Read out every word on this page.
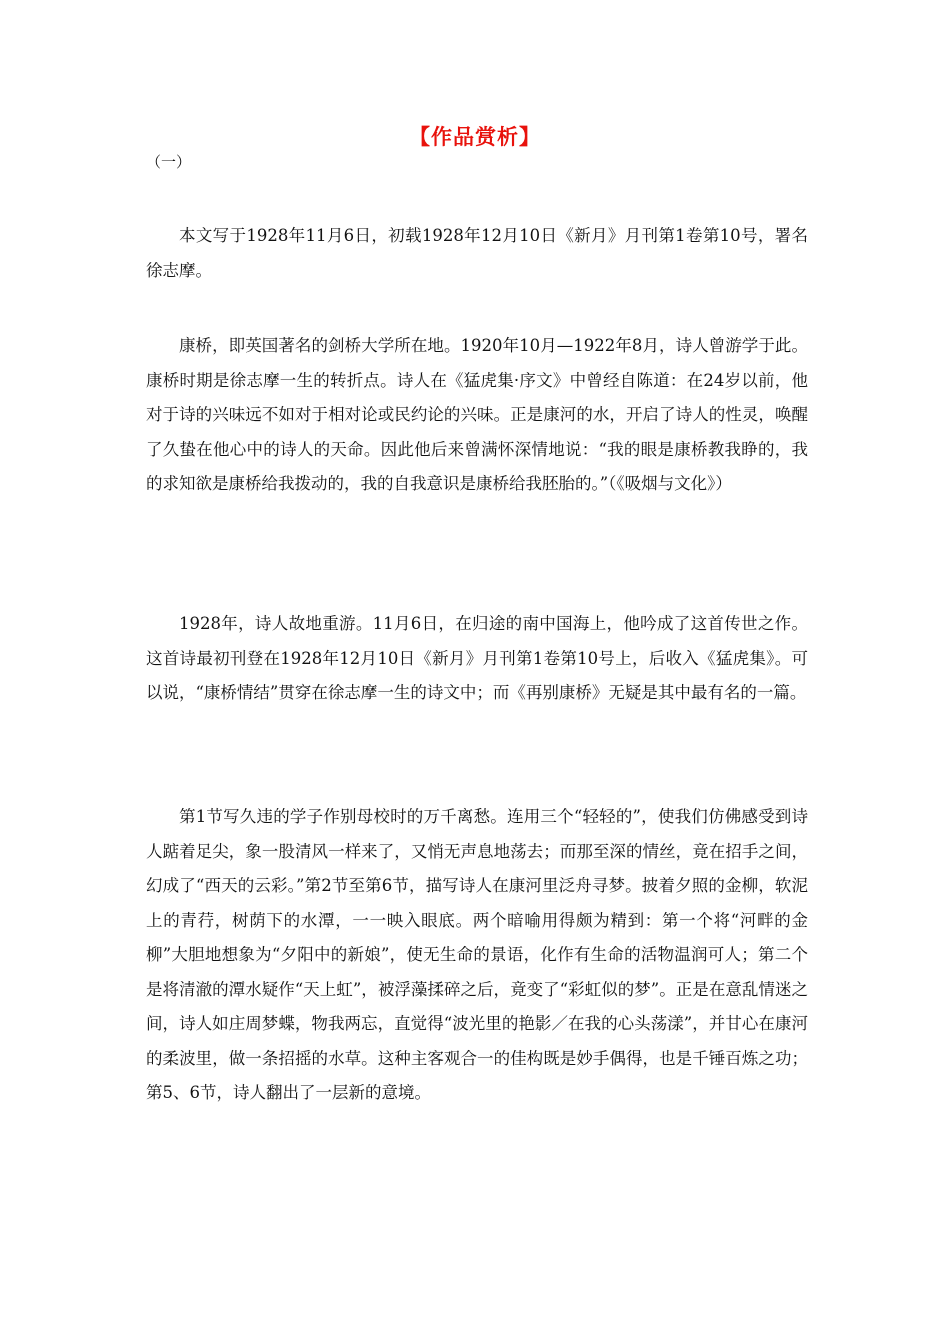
【作品赏析】

（一）

本文写于1928年11月6日，初载1928年12月10日《新月》月刊第1卷第10号，署名徐志摩。

康桥，即英国著名的剑桥大学所在地。1920年10月—1922年8月，诗人曾游学于此。康桥时期是徐志摩一生的转折点。诗人在《猛虎集·序文》中曾经自陈道：在24岁以前，他对于诗的兴味远不如对于相对论或民约论的兴味。正是康河的水，开启了诗人的性灵，唤醒了久蛰在他心中的诗人的天命。因此他后来曾满怀深情地说：“我的眼是康桥教我睁的，我的求知欲是康桥给我拨动的，我的自我意识是康桥给我胚胎的。”（《吸烟与文化》）

1928年，诗人故地重游。11月6日，在归途的南中国海上，他吟成了这首传世之作。这首诗最初刊登在1928年12月10日《新月》月刊第1卷第10号上，后收入《猛虎集》。可以说，“康桥情结”贯穿在徐志摩一生的诗文中；而《再别康桥》无疑是其中最有名的一篇。

第1节写久违的学子作别母校时的万千离愁。连用三个“轻轻的”，使我们仿佛感受到诗人踮着足尖，象一股清风一样来了，又悄无声息地荡去；而那至深的情丝，竟在招手之间，幻成了“西天的云彩。”第2节至第6节，描写诗人在康河里泛舟寻梦。披着夕照的金柳，软泥上的青荇，树荫下的水潭，一一映入眼底。两个暗喻用得颇为精到：第一个将“河畔的金柳”大胆地想象为“夕阳中的新娘”，使无生命的景语，化作有生命的活物温润可人；第二个是将清澈的潭水疑作“天上虹”，被浮藻揉碎之后，竟变了“彩虹似的梦”。正是在意乱情迷之间，诗人如庄周梦蝶，物我两忘，直觉得“波光里的艳影／在我的心头荡漾”，并甘心在康河的柔波里，做一条招摇的水草。这种主客观合一的佳构既是妙手偶得，也是千锤百炼之功；第5、6节，诗人翻出了一层新的意境。
